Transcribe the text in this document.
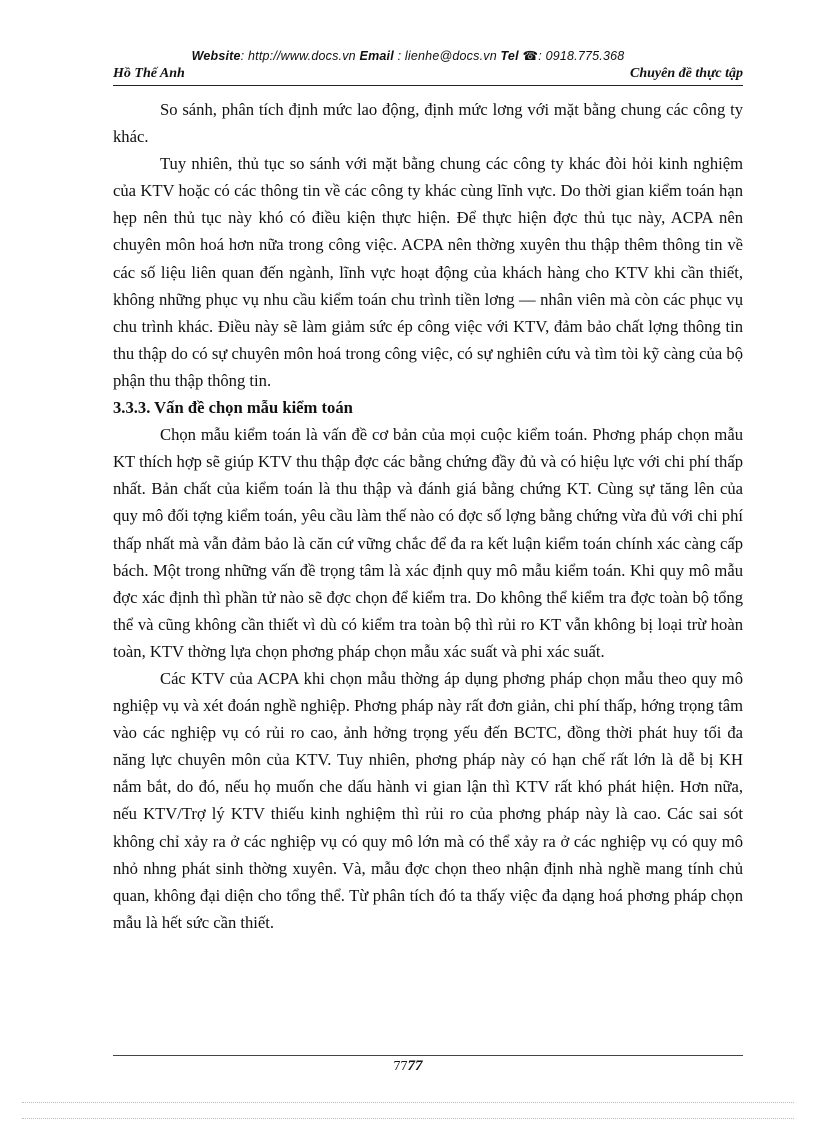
Website: http://www.docs.vn Email : lienhe@docs.vn Tel ☎: 0918.775.368
Hồ Thế Anh	Chuyên đề thực tập

So sánh, phân tích định mức lao động, định mức lơng với mặt bằng chung các công ty khác.

Tuy nhiên, thủ tục so sánh với mặt bằng chung các công ty khác đòi hỏi kinh nghiệm của KTV hoặc có các thông tin về các công ty khác cùng lĩnh vực. Do thời gian kiểm toán hạn hẹp nên thủ tục này khó có điều kiện thực hiện. Để thực hiện đợc thủ tục này, ACPA nên chuyên môn hoá hơn nữa trong công việc. ACPA nên thờng xuyên thu thập thêm thông tin về các số liệu liên quan đến ngành, lĩnh vực hoạt động của khách hàng cho KTV khi cần thiết, không những phục vụ nhu cầu kiểm toán chu trình tiền lơng — nhân viên mà còn các phục vụ chu trình khác. Điều này sẽ làm giảm sức ép công việc với KTV, đảm bảo chất lợng thông tin thu thập do có sự chuyên môn hoá trong công việc, có sự nghiên cứu và tìm tòi kỹ càng của bộ phận thu thập thông tin.

3.3.3. Vấn đề chọn mẫu kiểm toán

Chọn mẫu kiểm toán là vấn đề cơ bản của mọi cuộc kiểm toán. Phơng pháp chọn mẫu KT thích hợp sẽ giúp KTV thu thập đợc các bằng chứng đầy đủ và có hiệu lực với chi phí thấp nhất. Bản chất của kiểm toán là thu thập và đánh giá bằng chứng KT. Cùng sự tăng lên của quy mô đối tợng kiểm toán, yêu cầu làm thế nào có đợc số lợng bằng chứng vừa đủ với chi phí thấp nhất mà vẫn đảm bảo là căn cứ vững chắc để đa ra kết luận kiểm toán chính xác càng cấp bách. Một trong những vấn đề trọng tâm là xác định quy mô mẫu kiểm toán. Khi quy mô mẫu đợc xác định thì phần tử nào sẽ đợc chọn để kiểm tra. Do không thể kiểm tra đợc toàn bộ tổng thể và cũng không cần thiết vì dù có kiểm tra toàn bộ thì rủi ro KT vẫn không bị loại trừ hoàn toàn, KTV thờng lựa chọn phơng pháp chọn mẫu xác suất và phi xác suất.

Các KTV của ACPA khi chọn mẫu thờng áp dụng phơng pháp chọn mẫu theo quy mô nghiệp vụ và xét đoán nghề nghiệp. Phơng pháp này rất đơn giản, chi phí thấp, hớng trọng tâm vào các nghiệp vụ có rủi ro cao, ảnh hởng trọng yếu đến BCTC, đồng thời phát huy tối đa năng lực chuyên môn của KTV. Tuy nhiên, phơng pháp này có hạn chế rất lớn là dễ bị KH nắm bắt, do đó, nếu họ muốn che dấu hành vi gian lận thì KTV rất khó phát hiện. Hơn nữa, nếu KTV/Trợ lý KTV thiếu kinh nghiệm thì rủi ro của phơng pháp này là cao. Các sai sót không chỉ xảy ra ở các nghiệp vụ có quy mô lớn mà có thể xảy ra ở các nghiệp vụ có quy mô nhỏ nhng phát sinh thờng xuyên. Và, mẫu đợc chọn theo nhận định nhà nghề mang tính chủ quan, không đại diện cho tổng thể. Từ phân tích đó ta thấy việc đa dạng hoá phơng pháp chọn mẫu là hết sức cần thiết.

7777
